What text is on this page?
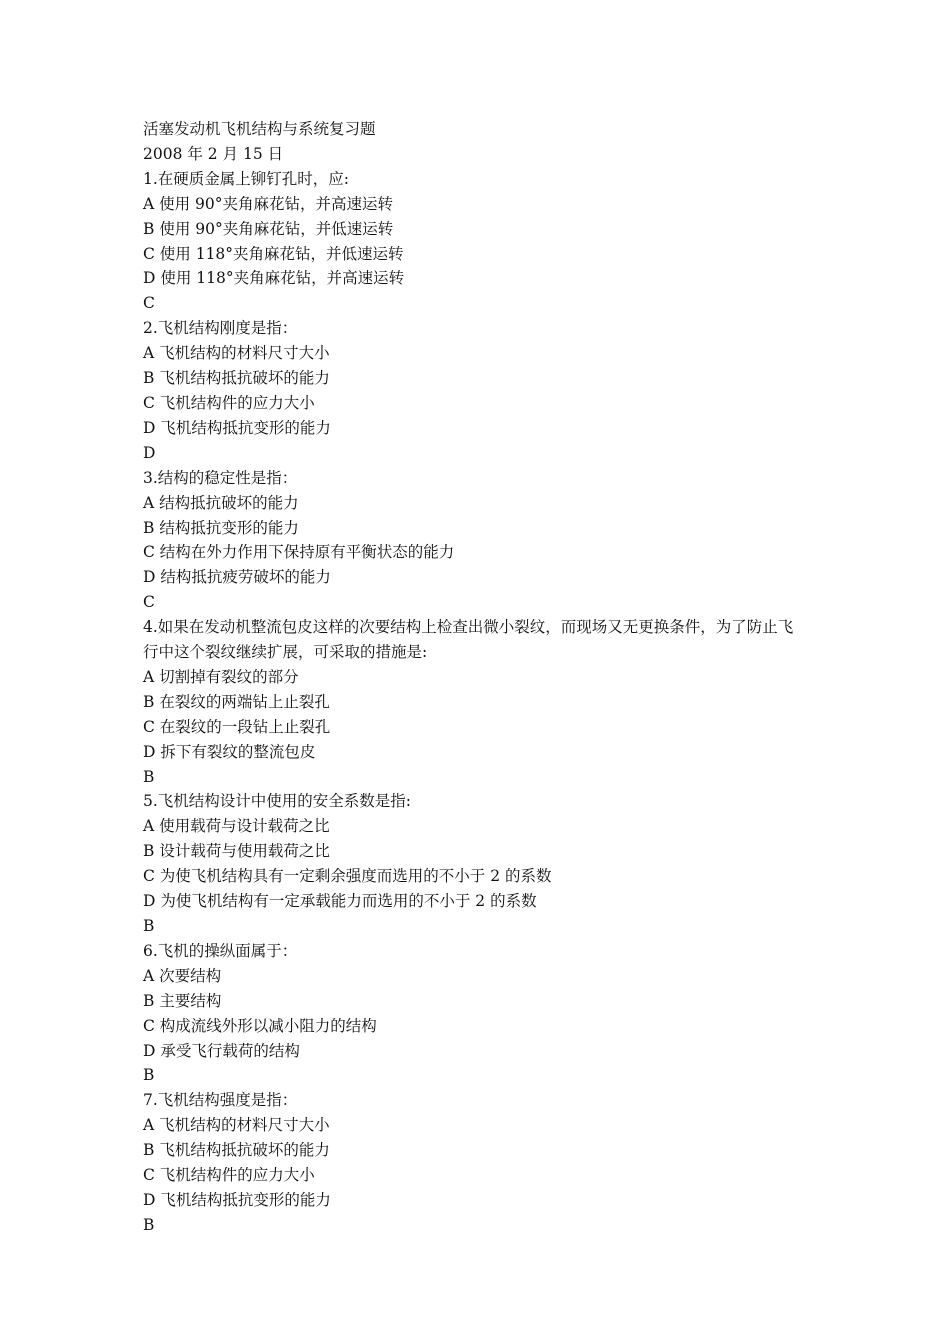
活塞发动机飞机结构与系统复习题

2008 年 2 月 15 日

1.在硬质金属上铆钉孔时，应:

A 使用 90°夹角麻花钻，并高速运转

B 使用 90°夹角麻花钻，并低速运转

C 使用 118°夹角麻花钻，并低速运转

D 使用 118°夹角麻花钻，并高速运转

C

2.飞机结构刚度是指：

A 飞机结构的材料尺寸大小

B 飞机结构抵抗破坏的能力

C 飞机结构件的应力大小

D 飞机结构抵抗变形的能力

D

3.结构的稳定性是指：

A 结构抵抗破坏的能力

B 结构抵抗变形的能力

C 结构在外力作用下保持原有平衡状态的能力

D 结构抵抗疲劳破坏的能力

C

4.如果在发动机整流包皮这样的次要结构上检查出微小裂纹，而现场又无更换条件，为了防止飞行中这个裂纹继续扩展，可采取的措施是:

A 切割掉有裂纹的部分

B 在裂纹的两端钻上止裂孔

C 在裂纹的一段钻上止裂孔

D 拆下有裂纹的整流包皮

B

5.飞机结构设计中使用的安全系数是指:

A 使用载荷与设计载荷之比

B 设计载荷与使用载荷之比

C 为使飞机结构具有一定剩余强度而选用的不小于 2 的系数

D 为使飞机结构有一定承载能力而选用的不小于 2 的系数

B

6.飞机的操纵面属于：

A 次要结构

B 主要结构

C 构成流线外形以减小阻力的结构

D 承受飞行载荷的结构

B

7.飞机结构强度是指：

A 飞机结构的材料尺寸大小

B 飞机结构抵抗破坏的能力

C 飞机结构件的应力大小

D 飞机结构抵抗变形的能力

B
